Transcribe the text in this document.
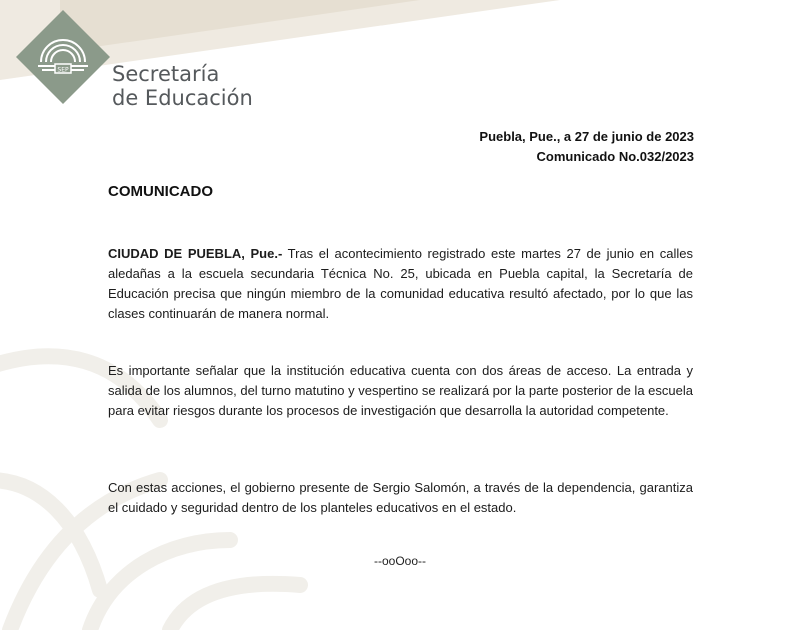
SEP Secretaría
de Educación
Puebla, Pue., a 27 de junio de 2023
Comunicado No.032/2023
COMUNICADO
CIUDAD DE PUEBLA, Pue.- Tras el acontecimiento registrado este martes 27 de junio en calles aledañas a la escuela secundaria Técnica No. 25, ubicada en Puebla capital, la Secretaría de Educación precisa que ningún miembro de la comunidad educativa resultó afectado, por lo que las clases continuarán de manera normal.
Es importante señalar que la institución educativa cuenta con dos áreas de acceso. La entrada y salida de los alumnos, del turno matutino y vespertino se realizará por la parte posterior de la escuela para evitar riesgos durante los procesos de investigación que desarrolla la autoridad competente.
Con estas acciones, el gobierno presente de Sergio Salomón, a través de la dependencia, garantiza el cuidado y seguridad dentro de los planteles educativos en el estado.
--ooOoo--
